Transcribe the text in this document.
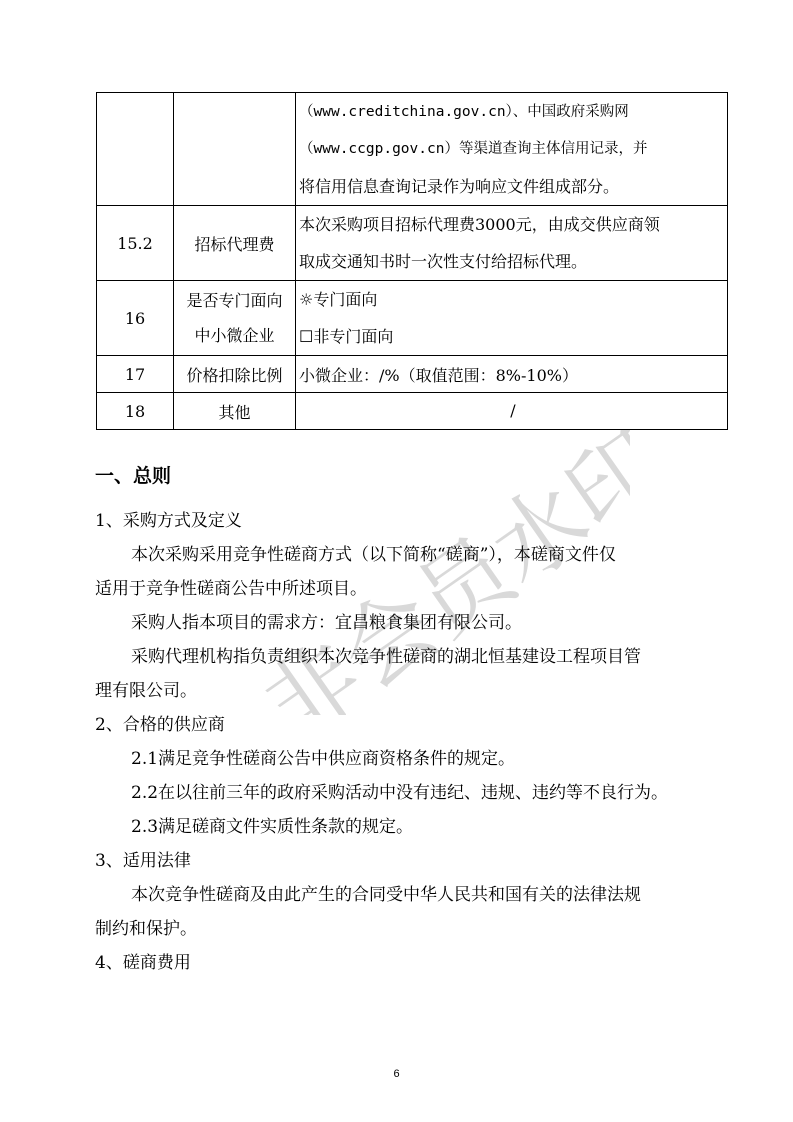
非会员水印

		（www.creditchina.gov.cn）、中国政府采购网
（www.ccgp.gov.cn）等渠道查询主体信用记录，并
将信用信息查询记录作为响应文件组成部分。

15.2	招标代理费	本次采购项目招标代理费3000元，由成交供应商领
取成交通知书时一次性支付给招标代理。

16	是否专门面向
中小微企业	☼专门面向
☐非专门面向

17	价格扣除比例	小微企业：/%（取值范围：8%-10%）
18	其他	/
一、总则
1、采购方式及定义
本次采购采用竞争性磋商方式（以下简称“磋商”），本磋商文件仅
适用于竞争性磋商公告中所述项目。
采购人指本项目的需求方：宜昌粮食集团有限公司。
采购代理机构指负责组织本次竞争性磋商的湖北恒基建设工程项目管
理有限公司。
2、合格的供应商
2.1满足竞争性磋商公告中供应商资格条件的规定。
2.2在以往前三年的政府采购活动中没有违纪、违规、违约等不良行为。
2.3满足磋商文件实质性条款的规定。
3、适用法律
本次竞争性磋商及由此产生的合同受中华人民共和国有关的法律法规
制约和保护。
4、磋商费用
6
